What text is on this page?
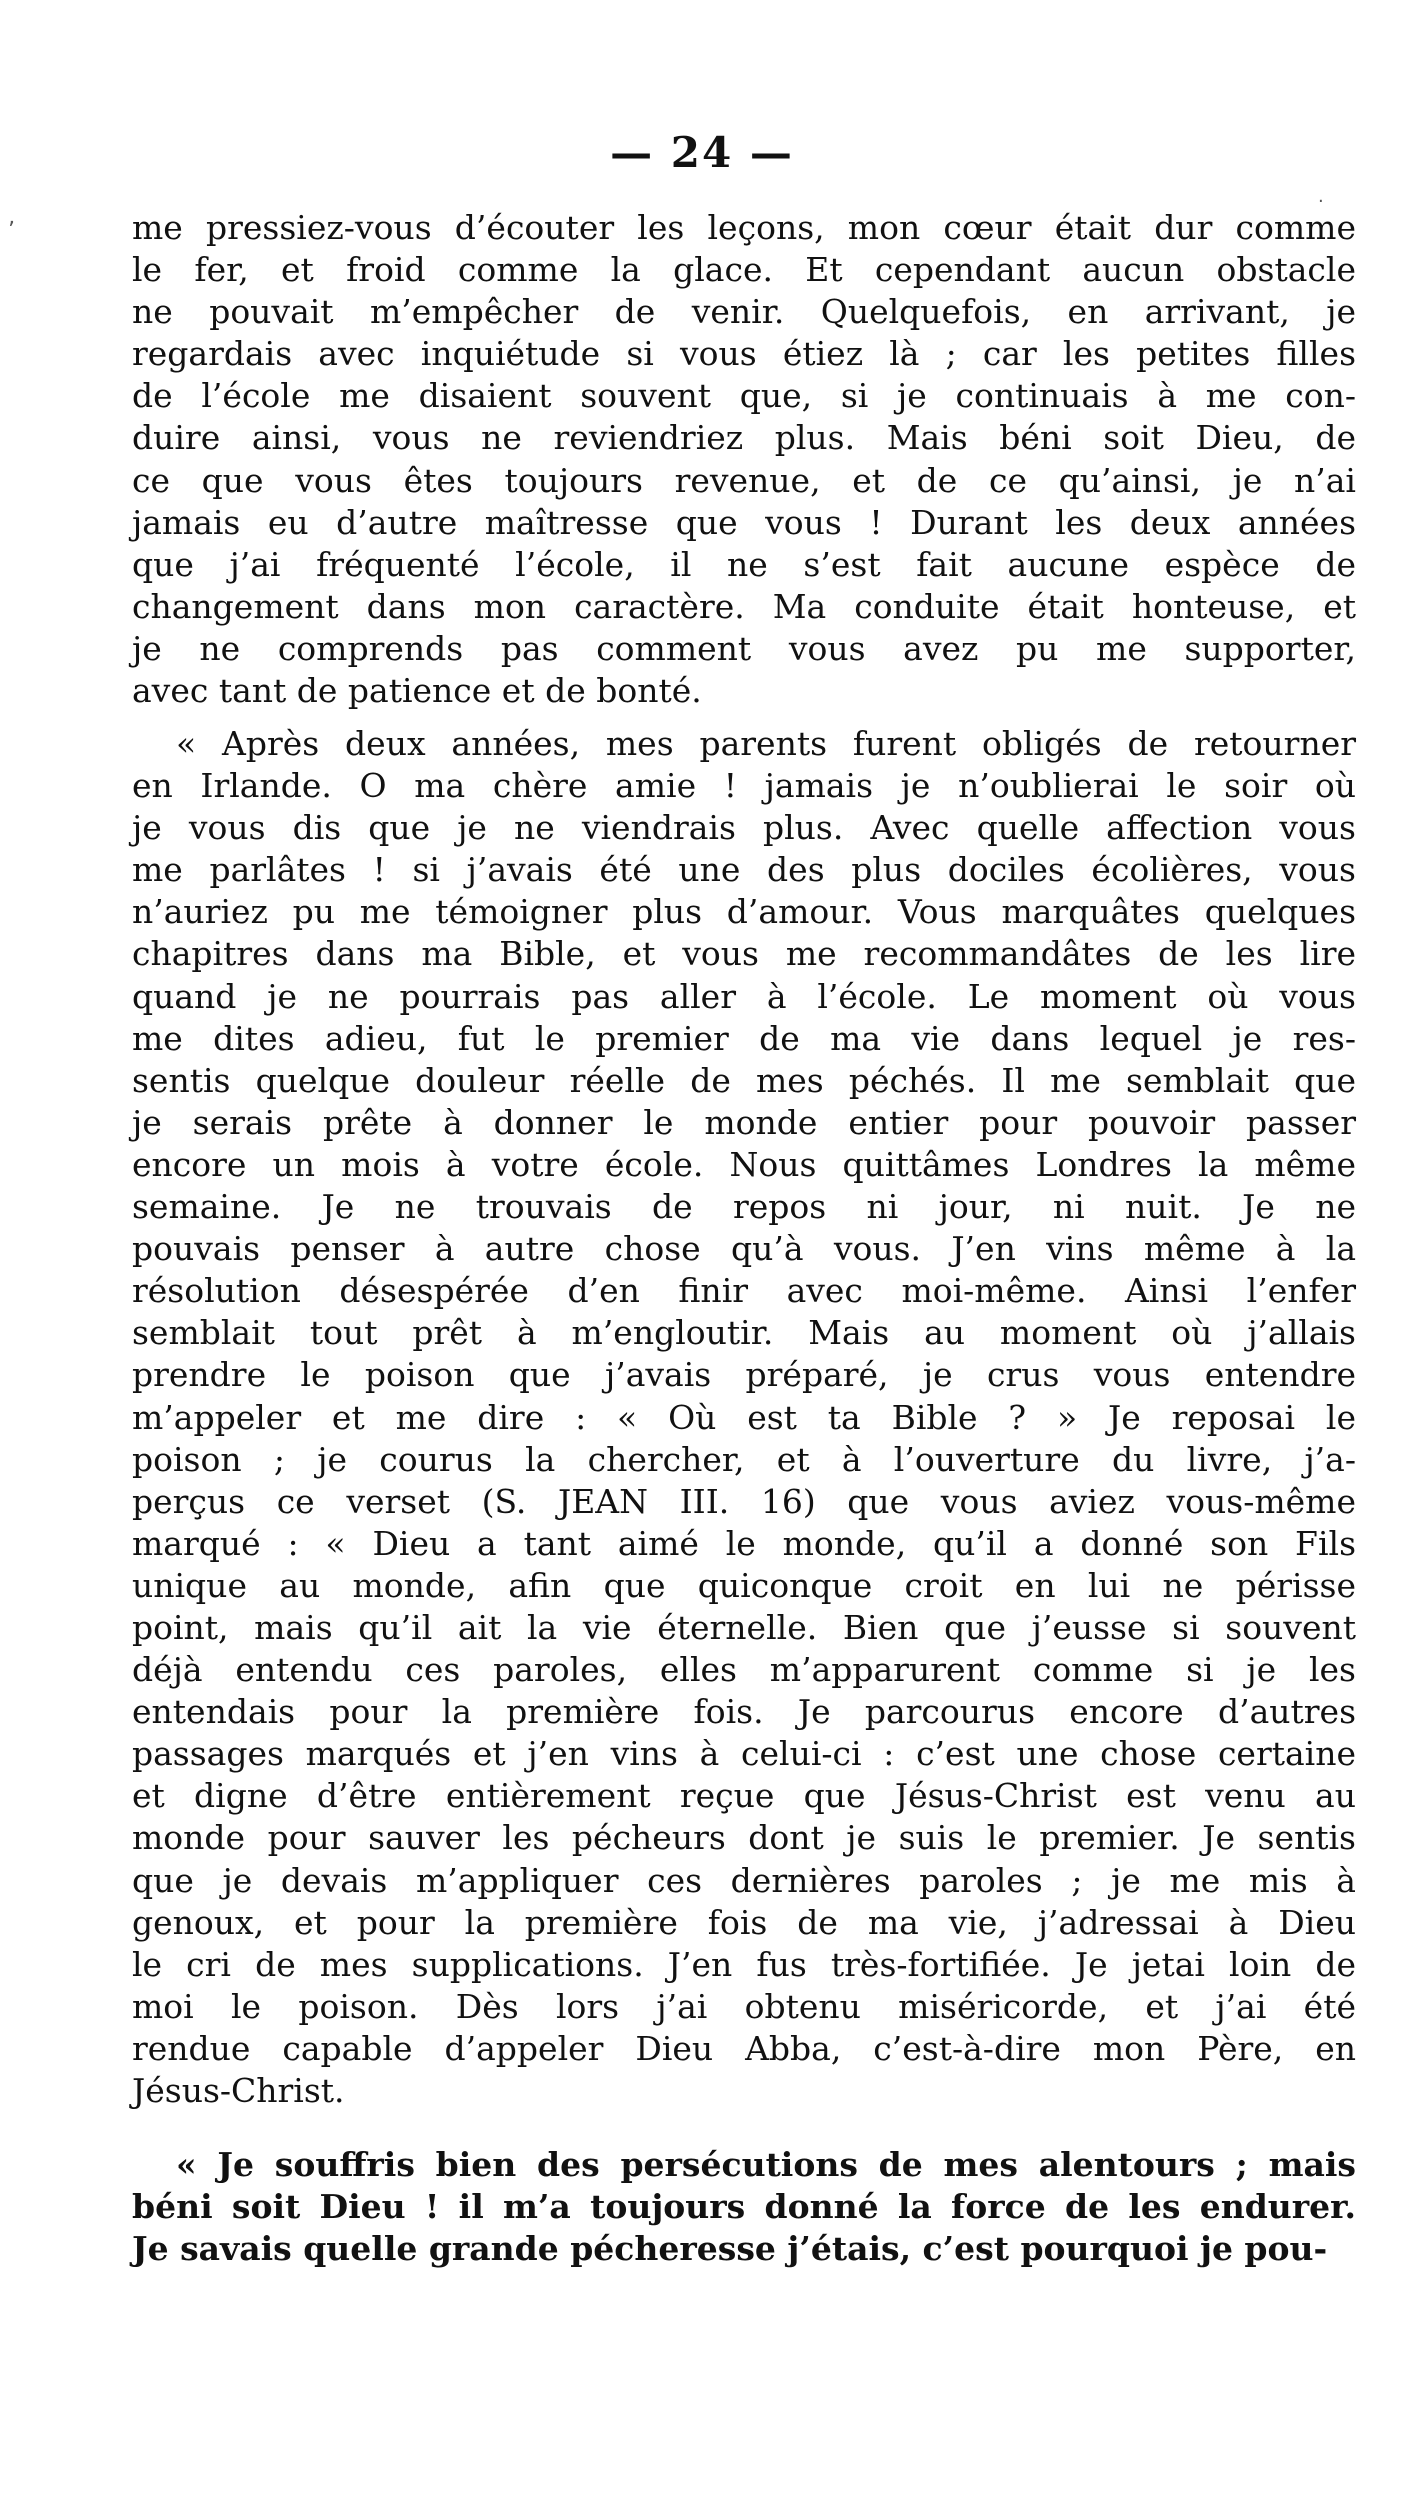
— 24 —
me pressiez-vous d’écouter les leçons, mon cœur était dur comme
le fer, et froid comme la glace. Et cependant aucun obstacle
ne pouvait m’empêcher de venir. Quelquefois, en arrivant, je
regardais avec inquiétude si vous étiez là ; car les petites filles
de l’école me disaient souvent que, si je continuais à me con-
duire ainsi, vous ne reviendriez plus. Mais béni soit Dieu, de
ce que vous êtes toujours revenue, et de ce qu’ainsi, je n’ai
jamais eu d’autre maîtresse que vous ! Durant les deux années
que j’ai fréquenté l’école, il ne s’est fait aucune espèce de
changement dans mon caractère. Ma conduite était honteuse, et
je ne comprends pas comment vous avez pu me supporter,
avec tant de patience et de bonté.
« Après deux années, mes parents furent obligés de retourner
en Irlande. O ma chère amie ! jamais je n’oublierai le soir où
je vous dis que je ne viendrais plus. Avec quelle affection vous
me parlâtes ! si j’avais été une des plus dociles écolières, vous
n’auriez pu me témoigner plus d’amour. Vous marquâtes quelques
chapitres dans ma Bible, et vous me recommandâtes de les lire
quand je ne pourrais pas aller à l’école. Le moment où vous
me dites adieu, fut le premier de ma vie dans lequel je res-
sentis quelque douleur réelle de mes péchés. Il me semblait que
je serais prête à donner le monde entier pour pouvoir passer
encore un mois à votre école. Nous quittâmes Londres la même
semaine. Je ne trouvais de repos ni jour, ni nuit. Je ne
pouvais penser à autre chose qu’à vous. J’en vins même à la
résolution désespérée d’en finir avec moi-même. Ainsi l’enfer
semblait tout prêt à m’engloutir. Mais au moment où j’allais
prendre le poison que j’avais préparé, je crus vous entendre
m’appeler et me dire : « Où est ta Bible ? » Je reposai le
poison ; je courus la chercher, et à l’ouverture du livre, j’a-
perçus ce verset (S. JEAN III. 16) que vous aviez vous-même
marqué : « Dieu a tant aimé le monde, qu’il a donné son Fils
unique au monde, afin que quiconque croit en lui ne périsse
point, mais qu’il ait la vie éternelle. Bien que j’eusse si souvent
déjà entendu ces paroles, elles m’apparurent comme si je les
entendais pour la première fois. Je parcourus encore d’autres
passages marqués et j’en vins à celui-ci : c’est une chose certaine
et digne d’être entièrement reçue que Jésus-Christ est venu au
monde pour sauver les pécheurs dont je suis le premier. Je sentis
que je devais m’appliquer ces dernières paroles ; je me mis à
genoux, et pour la première fois de ma vie, j’adressai à Dieu
le cri de mes supplications. J’en fus très-fortifiée. Je jetai loin de
moi le poison. Dès lors j’ai obtenu miséricorde, et j’ai été
rendue capable d’appeler Dieu Abba, c’est-à-dire mon Père, en
Jésus-Christ.
« Je souffris bien des persécutions de mes alentours ; mais
béni soit Dieu ! il m’a toujours donné la force de les endurer.
Je savais quelle grande pécheresse j’étais, c’est pourquoi je pou-
ʼ
.
